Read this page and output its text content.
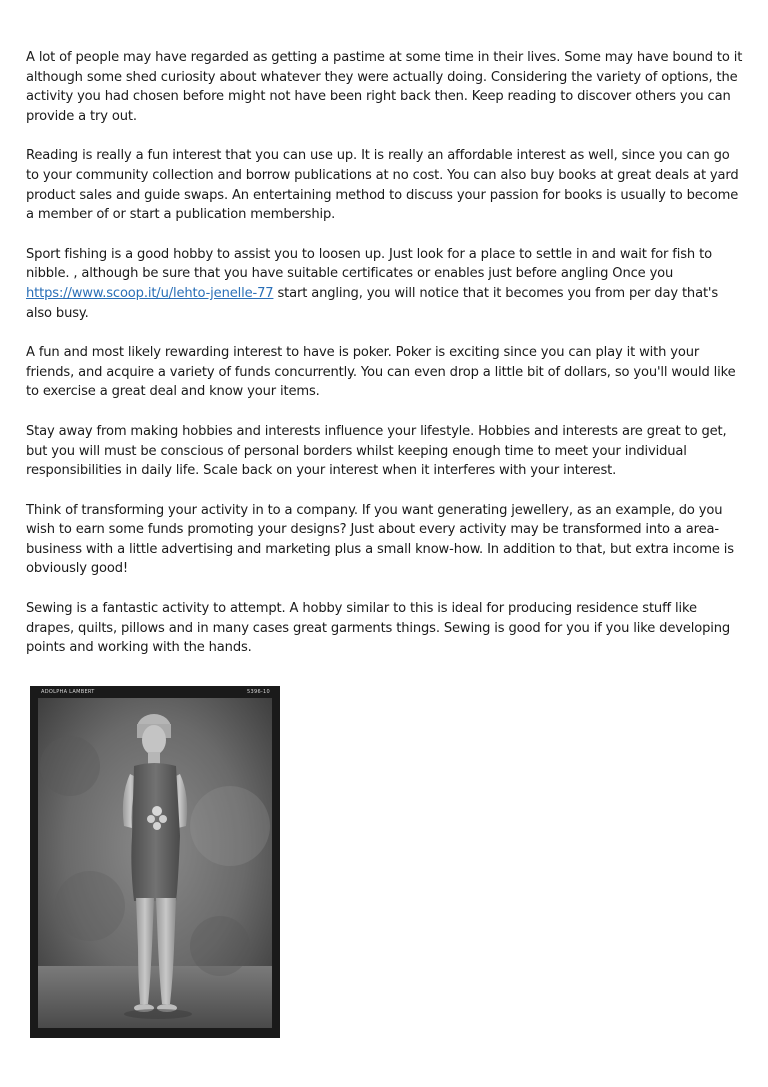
A lot of people may have regarded as getting a pastime at some time in their lives. Some may have bound to it although some shed curiosity about whatever they were actually doing. Considering the variety of options, the activity you had chosen before might not have been right back then. Keep reading to discover others you can provide a try out.

Reading is really a fun interest that you can use up. It is really an affordable interest as well, since you can go to your community collection and borrow publications at no cost. You can also buy books at great deals at yard product sales and guide swaps. An entertaining method to discuss your passion for books is usually to become a member of or start a publication membership.

Sport fishing is a good hobby to assist you to loosen up. Just look for a place to settle in and wait for fish to nibble. , although be sure that you have suitable certificates or enables just before angling Once you https://www.scoop.it/u/lehto-jenelle-77 start angling, you will notice that it becomes you from per day that's also busy.

A fun and most likely rewarding interest to have is poker. Poker is exciting since you can play it with your friends, and acquire a variety of funds concurrently. You can even drop a little bit of dollars, so you'll would like to exercise a great deal and know your items.

Stay away from making hobbies and interests influence your lifestyle. Hobbies and interests are great to get, but you will must be conscious of personal borders whilst keeping enough time to meet your individual responsibilities in daily life. Scale back on your interest when it interferes with your interest.

Think of transforming your activity in to a company. If you want generating jewellery, as an example, do you wish to earn some funds promoting your designs? Just about every activity may be transformed into a area-business with a little advertising and marketing plus a small know-how. In addition to that, but extra income is obviously good!

Sewing is a fantastic activity to attempt. A hobby similar to this is ideal for producing residence stuff like drapes, quilts, pillows and in many cases great garments things. Sewing is good for you if you like developing points and working with the hands.

ADOLPHA LAMBERT	5396-10
